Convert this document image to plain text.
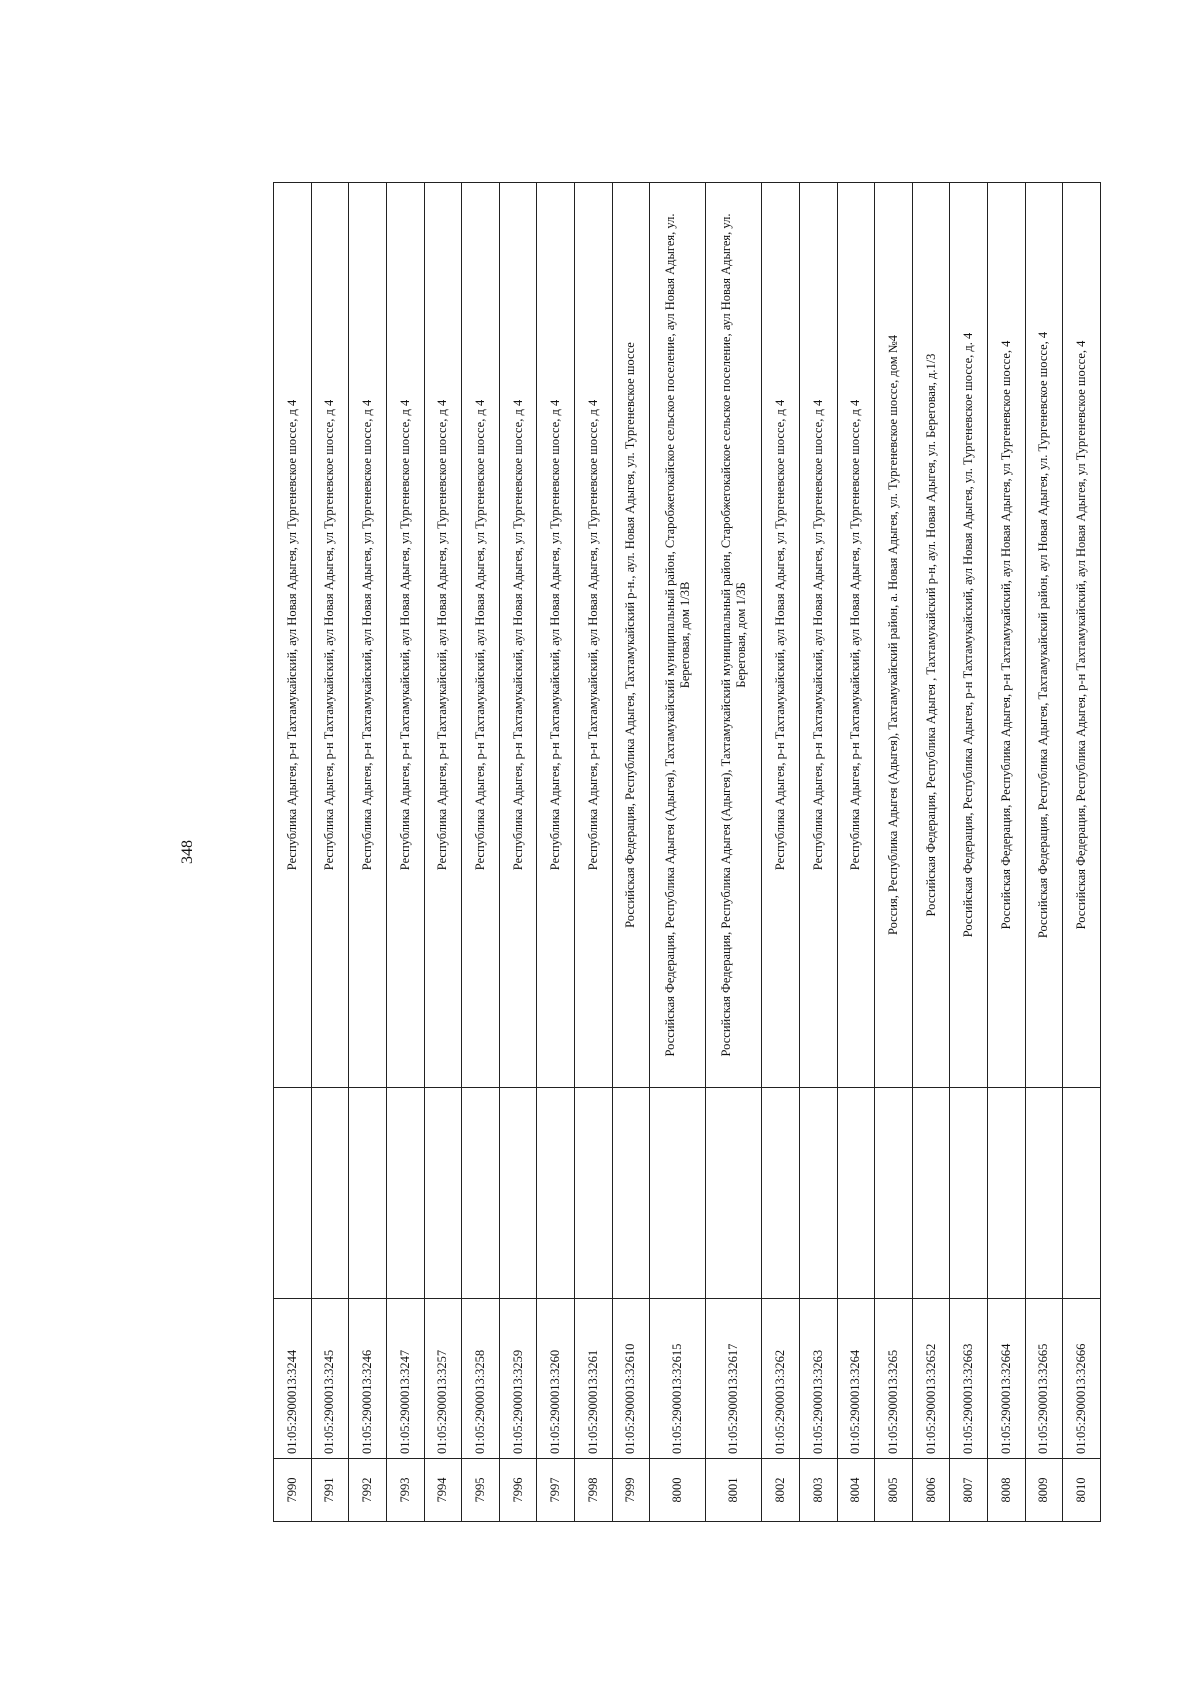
348
7990	01:05:2900013:3244		Республика Адыгея, р-н Тахтамукайский, аул Новая Адыгея, ул Тургеневское шоссе, д 4
7991	01:05:2900013:3245		Республика Адыгея, р-н Тахтамукайский, аул Новая Адыгея, ул Тургеневское шоссе, д 4
7992	01:05:2900013:3246		Республика Адыгея, р-н Тахтамукайский, аул Новая Адыгея, ул Тургеневское шоссе, д 4
7993	01:05:2900013:3247		Республика Адыгея, р-н Тахтамукайский, аул Новая Адыгея, ул Тургеневское шоссе, д 4
7994	01:05:2900013:3257		Республика Адыгея, р-н Тахтамукайский, аул Новая Адыгея, ул Тургеневское шоссе, д 4
7995	01:05:2900013:3258		Республика Адыгея, р-н Тахтамукайский, аул Новая Адыгея, ул Тургеневское шоссе, д 4
7996	01:05:2900013:3259		Республика Адыгея, р-н Тахтамукайский, аул Новая Адыгея, ул Тургеневское шоссе, д 4
7997	01:05:2900013:3260		Республика Адыгея, р-н Тахтамукайский, аул Новая Адыгея, ул Тургеневское шоссе, д 4
7998	01:05:2900013:3261		Республика Адыгея, р-н Тахтамукайский, аул Новая Адыгея, ул Тургеневское шоссе, д 4
7999	01:05:2900013:32610		Российская Федерация, Республика Адыгея, Тахтамукайский р-н., аул. Новая Адыгея, ул. Тургеневское шоссе
8000	01:05:2900013:32615		Российская Федерация, Республика Адыгея (Адыгея), Тахтамукайский муниципальный район, Старобжегокайское сельское поселение, аул Новая Адыгея, ул. Береговая, дом 1/3В
8001	01:05:2900013:32617		Российская Федерация, Республика Адыгея (Адыгея), Тахтамукайский муниципальный район, Старобжегокайское сельское поселение, аул Новая Адыгея, ул. Береговая, дом 1/3Б
8002	01:05:2900013:3262		Республика Адыгея, р-н Тахтамукайский, аул Новая Адыгея, ул Тургеневское шоссе, д 4
8003	01:05:2900013:3263		Республика Адыгея, р-н Тахтамукайский, аул Новая Адыгея, ул Тургеневское шоссе, д 4
8004	01:05:2900013:3264		Республика Адыгея, р-н Тахтамукайский, аул Новая Адыгея, ул Тургеневское шоссе, д 4
8005	01:05:2900013:3265		Россия, Республика Адыгея (Адыгея), Тахтамукайский район, а. Новая Адыгея, ул. Тургеневское шоссе, дом №4
8006	01:05:2900013:32652		Российская Федерация, Республика Адыгея , Тахтамукайский р-н, аул. Новая Адыгея, ул. Береговая, д.1/3
8007	01:05:2900013:32663		Российская Федерация, Республика Адыгея, р-н Тахтамукайский, аул Новая Адыгея, ул. Тургеневское шоссе, д. 4
8008	01:05:2900013:32664		Российская Федерация, Республика Адыгея, р-н Тахтамукайский, аул Новая Адыгея, ул Тургеневское шоссе, 4
8009	01:05:2900013:32665		Российская Федерация, Республика Адыгея, Тахтамукайский район, аул Новая Адыгея, ул. Тургеневское шоссе, 4
8010	01:05:2900013:32666		Российская Федерация, Республика Адыгея, р-н Тахтамукайский, аул Новая Адыгея, ул Тургеневское шоссе, 4
